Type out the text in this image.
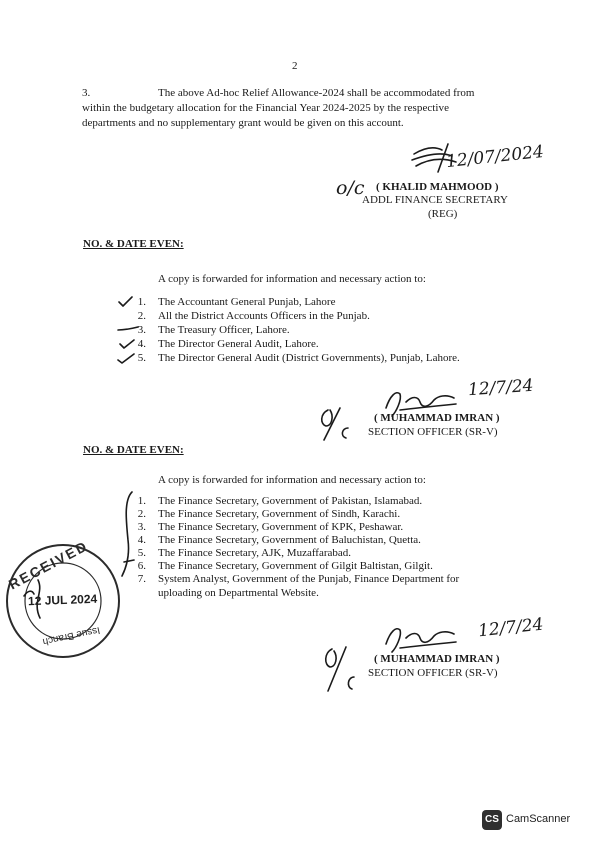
2
3.	The above Ad-hoc Relief Allowance-2024 shall be accommodated from
within the budgetary allocation for the Financial Year 2024-2025 by the respective
departments and no supplementary grant would be given on this account.
12/07/2024
o/c ( KHALID MAHMOOD )
ADDL FINANCE SECRETARY
(REG)
NO. & DATE EVEN:
A copy is forwarded for information and necessary action to:
1. The Accountant General Punjab, Lahore
2. All the District Accounts Officers in the Punjab.
3. The Treasury Officer, Lahore.
4. The Director General Audit, Lahore.
5. The Director General Audit (District Governments), Punjab, Lahore.
12/7/24
( MUHAMMAD IMRAN )
SECTION OFFICER (SR-V)
NO. & DATE EVEN:
A copy is forwarded for information and necessary action to:
1. The Finance Secretary, Government of Pakistan, Islamabad.
2. The Finance Secretary, Government of Sindh, Karachi.
3. The Finance Secretary, Government of KPK, Peshawar.
4. The Finance Secretary, Government of Baluchistan, Quetta.
5. The Finance Secretary, AJK, Muzaffarabad.
6. The Finance Secretary, Government of Gilgit Baltistan, Gilgit.
7. System Analyst, Government of the Punjab, Finance Department for
uploading on Departmental Website.
RECEIVED
12 JUL 2024
Issue Branch	12/7/24
( MUHAMMAD IMRAN )
SECTION OFFICER (SR-V)
CS CamScanner
